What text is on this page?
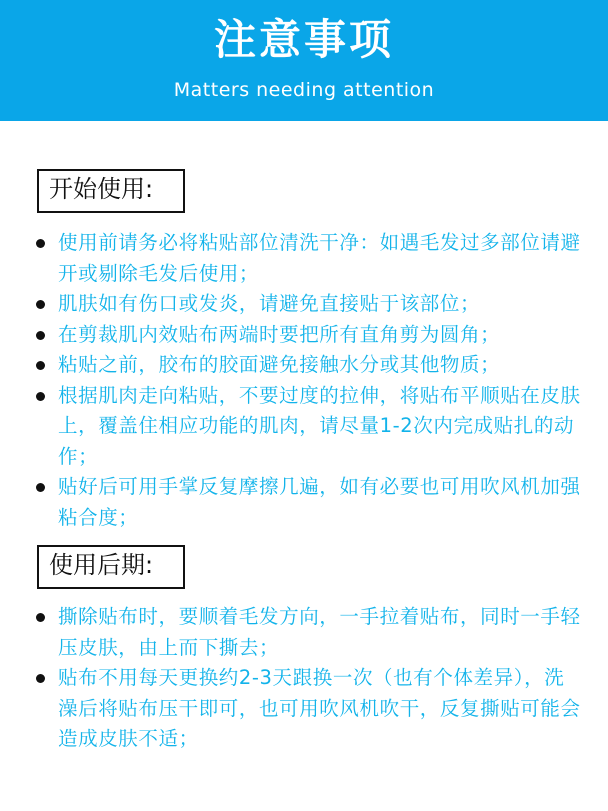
注意事项
Matters needing attention
开始使用:
使用前请务必将粘贴部位清洗干净：如遇毛发过多部位请避开或剔除毛发后使用；
肌肤如有伤口或发炎，请避免直接贴于该部位；
在剪裁肌内效贴布两端时要把所有直角剪为圆角；
粘贴之前，胶布的胶面避免接触水分或其他物质；
根据肌肉走向粘贴，不要过度的拉伸，将贴布平顺贴在皮肤上，覆盖住相应功能的肌肉，请尽量1-2次内完成贴扎的动作；
贴好后可用手掌反复摩擦几遍，如有必要也可用吹风机加强粘合度；
使用后期:
撕除贴布时，要顺着毛发方向，一手拉着贴布，同时一手轻压皮肤，由上而下撕去；
贴布不用每天更换约2-3天跟换一次（也有个体差异），洗澡后将贴布压干即可，也可用吹风机吹干，反复撕贴可能会造成皮肤不适；
